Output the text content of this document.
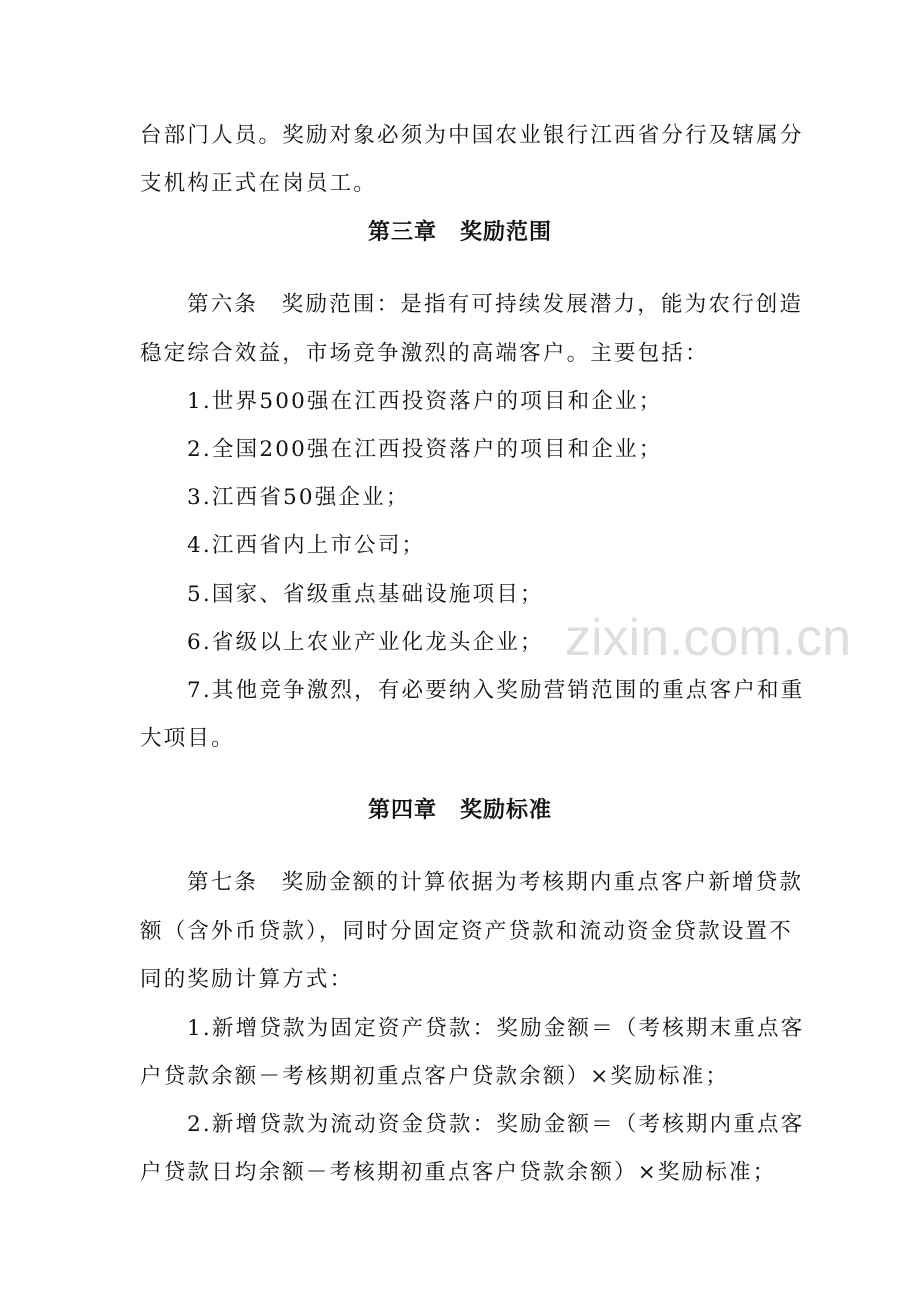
台部门人员。奖励对象必须为中国农业银行江西省分行及辖属分
支机构正式在岗员工。
第三章　奖励范围
第六条　奖励范围：是指有可持续发展潜力，能为农行创造
稳定综合效益，市场竞争激烈的高端客户。主要包括：
1.世界500强在江西投资落户的项目和企业；
2.全国200强在江西投资落户的项目和企业；
3.江西省50强企业；
4.江西省内上市公司；
5.国家、省级重点基础设施项目；
6.省级以上农业产业化龙头企业；
7.其他竞争激烈，有必要纳入奖励营销范围的重点客户和重
大项目。
第四章　奖励标准
第七条　奖励金额的计算依据为考核期内重点客户新增贷款
额（含外币贷款），同时分固定资产贷款和流动资金贷款设置不
同的奖励计算方式：
1.新增贷款为固定资产贷款：奖励金额＝（考核期末重点客
户贷款余额－考核期初重点客户贷款余额）×奖励标准；
2.新增贷款为流动资金贷款：奖励金额＝（考核期内重点客
户贷款日均余额－考核期初重点客户贷款余额）×奖励标准；
zixin.com.cn
